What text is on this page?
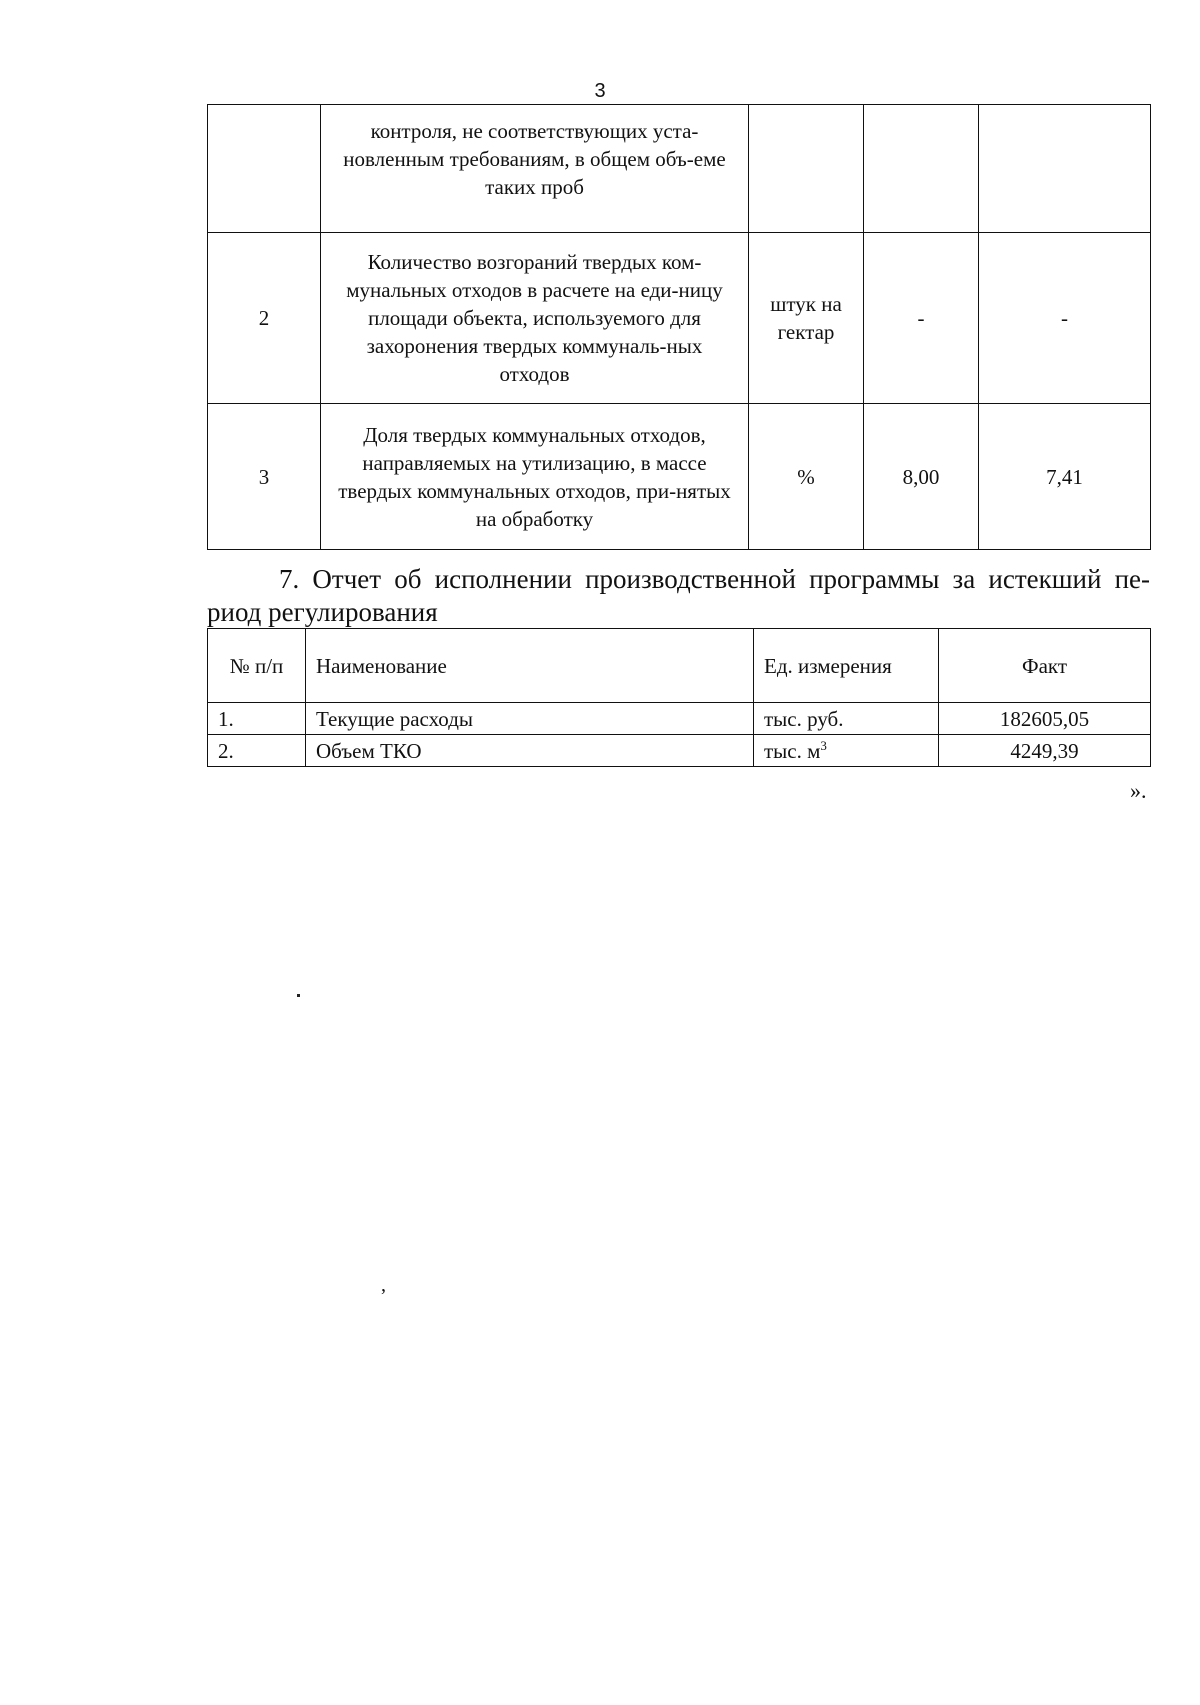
3
	контроля, не соответствующих уста-новленным требованиям, в общем объ-еме таких проб			
2	Количество возгораний твердых ком-мунальных отходов в расчете на еди-ницу площади объекта, используемого для захоронения твердых коммуналь-ных отходов	штук на гектар	-	-
3	Доля твердых коммунальных отходов, направляемых на утилизацию, в массе твердых коммунальных отходов, при-нятых на обработку	%	8,00	7,41
7. Отчет об исполнении производственной программы за истекший пе-риод регулирования
№ п/п	Наименование	Ед. измерения	Факт
1.	Текущие расходы	тыс. руб.	182605,05
2.	Объем ТКО	тыс. $м^3$	4249,39
».
,
